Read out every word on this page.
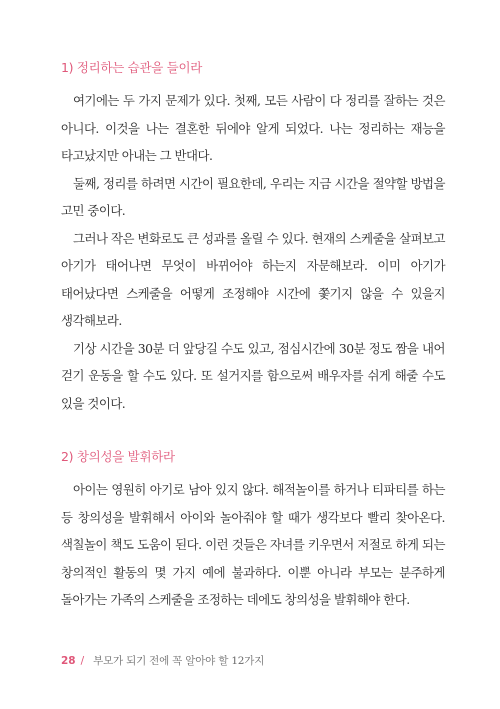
1) 정리하는 습관을 들이라

여기에는 두 가지 문제가 있다. 첫째, 모든 사람이 다 정리를 잘하는 것은 아니다. 이것을 나는 결혼한 뒤에야 알게 되었다. 나는 정리하는 재능을 타고났지만 아내는 그 반대다.

둘째, 정리를 하려면 시간이 필요한데, 우리는 지금 시간을 절약할 방법을 고민 중이다.

그러나 작은 변화로도 큰 성과를 올릴 수 있다. 현재의 스케줄을 살펴보고 아기가 태어나면 무엇이 바뀌어야 하는지 자문해보라. 이미 아기가 태어났다면 스케줄을 어떻게 조정해야 시간에 쫓기지 않을 수 있을지 생각해보라.

기상 시간을 30분 더 앞당길 수도 있고, 점심시간에 30분 정도 짬을 내어 걷기 운동을 할 수도 있다. 또 설거지를 함으로써 배우자를 쉬게 해줄 수도 있을 것이다.

2) 창의성을 발휘하라

아이는 영원히 아기로 남아 있지 않다. 해적놀이를 하거나 티파티를 하는 등 창의성을 발휘해서 아이와 놀아줘야 할 때가 생각보다 빨리 찾아온다. 색칠놀이 책도 도움이 된다. 이런 것들은 자녀를 키우면서 저절로 하게 되는 창의적인 활동의 몇 가지 예에 불과하다. 이뿐 아니라 부모는 분주하게 돌아가는 가족의 스케줄을 조정하는 데에도 창의성을 발휘해야 한다.

28 / 부모가 되기 전에 꼭 알아야 할 12가지
